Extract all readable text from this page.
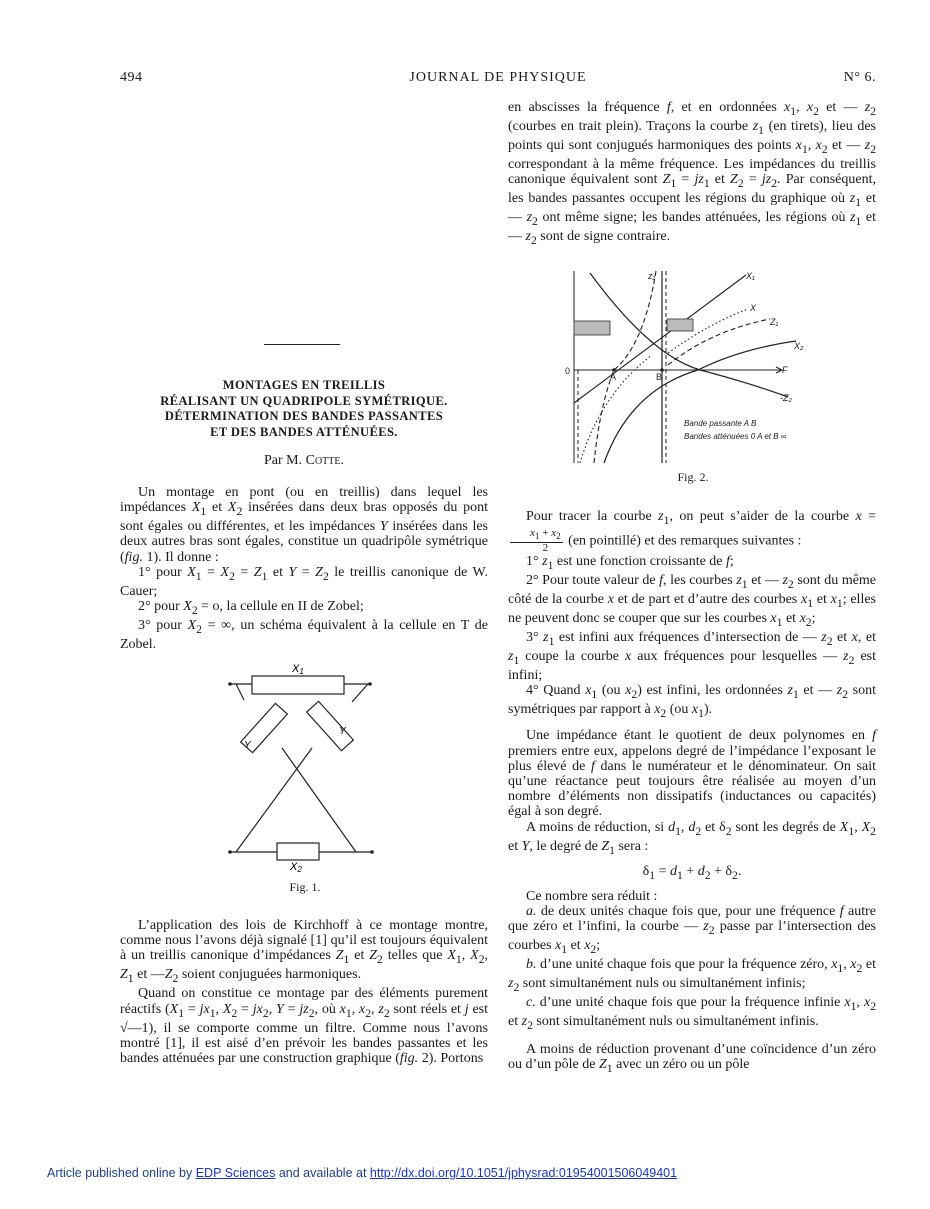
494	JOURNAL DE PHYSIQUE	N° 6.

en abscisses la fréquence f, et en ordonnées $x_1$, $x_2$ et — $z_2$ (courbes en trait plein). Traçons la courbe $z_1$ (en tirets), lieu des points qui sont conjugués harmoniques des points $x_1$, $x_2$ et — $z_2$ correspondant à la même fréquence. Les impédances du treillis canonique équivalent sont $Z_1 = jz_1$ et $Z_2 = jz_2$. Par conséquent, les bandes passantes occupent les régions du graphique où $z_1$ et — $z_2$ ont même signe; les bandes atténuées, les régions où $z_1$ et — $z_2$ sont de signe contraire.

MONTAGES EN TREILLIS
RÉALISANT UN QUADRIPOLE SYMÉTRIQUE.
DÉTERMINATION DES BANDES PASSANTES
ET DES BANDES ATTÉNUÉES.
Par M. Cotte.

Un montage en pont (ou en treillis) dans lequel les impédances $X_1$ et $X_2$ insérées dans deux bras opposés du pont sont égales ou différentes, et les impédances Y insérées dans les deux autres bras sont égales, constitue un quadripôle symétrique (fig. 1). Il donne :

1° pour $X_1 = X_2 = Z_1$ et $Y = Z_2$ le treillis canonique de W. Cauer;

2° pour $X_2 = o$, la cellule en II de Zobel;

3° pour $X_2$ = ∞, un schéma équivalent à la cellule en T de Zobel.

X1
X2
Y
Y
Fig. 1.

L’application des lois de Kirchhoff à ce montage montre, comme nous l’avons déjà signalé [1] qu’il est toujours équivalent à un treillis canonique d’impédances $Z_1$ et $Z_2$ telles que $X_1$, $X_2$, $Z_1$ et $—Z_2$ soient conjuguées harmoniques.

Quand on constitue ce montage par des éléments purement réactifs ($X_1 = jx_1$, $X_2 = jx_2$, $Y = jz_2$, où $x_1$, $x_2$, $z_2$ sont réels et j est √—1), il se comporte comme un filtre. Comme nous l’avons montré [1], il est aisé d’en prévoir les bandes passantes et les bandes atténuées par une construction graphique (fig. 2). Portons

z₁	X₁
X
Z₁
X₂
F
-Z₂
0
A	B
Bande passante A B
Bandes atténuées 0 A et B ∞
Fig. 2.

Pour tracer la courbe $z_1$, on peut s’aider de la courbe x =
$\frac{x_1 + x_2}{2} (en$ pointillé) et des remarques suivantes :

1° $z_1$ est une fonction croissante de f;

2° Pour toute valeur de f, les courbes $z_1$ et — $z_2$ sont du même côté de la courbe x et de part et d’autre des courbes $x_1$ et $x_1$; elles ne peuvent donc se couper que sur les courbes $x_1$ et $x_2$;

3° $z_1$ est infini aux fréquences d’intersection de — $z_2$ et x, et $z_1$ coupe la courbe x aux fréquences pour lesquelles — $z_2$ est infini;

4° Quand $x_1$ (ou $x_2$) est infini, les ordonnées $z_1$ et — $z_2$ sont symétriques par rapport à $x_2$ (ou $x_1$).

Une impédance étant le quotient de deux polynomes en f premiers entre eux, appelons degré de l’impédance l’exposant le plus élevé de f dans le numérateur et le dénominateur. On sait qu’une réactance peut toujours être réalisée au moyen d’un nombre d’éléments non dissipatifs (inductances ou capacités) égal à son degré.

A moins de réduction, si $d_1$, $d_2$ et $\delta_2$ sont les degrés de $X_1$, $X_2$ et Y, le degré de $Z_1$ sera :

$\delta_1 = d_1 + d_2 + \delta_2$.

Ce nombre sera réduit :

a. de deux unités chaque fois que, pour une fréquence f autre que zéro et l’infini, la courbe — $z_2$ passe par l’intersection des courbes $x_1$ et $x_2$;

b. d’une unité chaque fois que pour la fréquence zéro, $x_1$, $x_2$ et $z_2$ sont simultanément nuls ou simultanément infinis;

c. d’une unité chaque fois que pour la fréquence infinie $x_1$, $x_2$ et $z_2$ sont simultanément nuls ou simultanément infinis.

A moins de réduction provenant d’une coïncidence d’un zéro ou d’un pôle de $Z_1$ avec un zéro ou un pôle

Article published online by EDP Sciences and available at http://dx.doi.org/10.1051/jphysrad:01954001506049401
